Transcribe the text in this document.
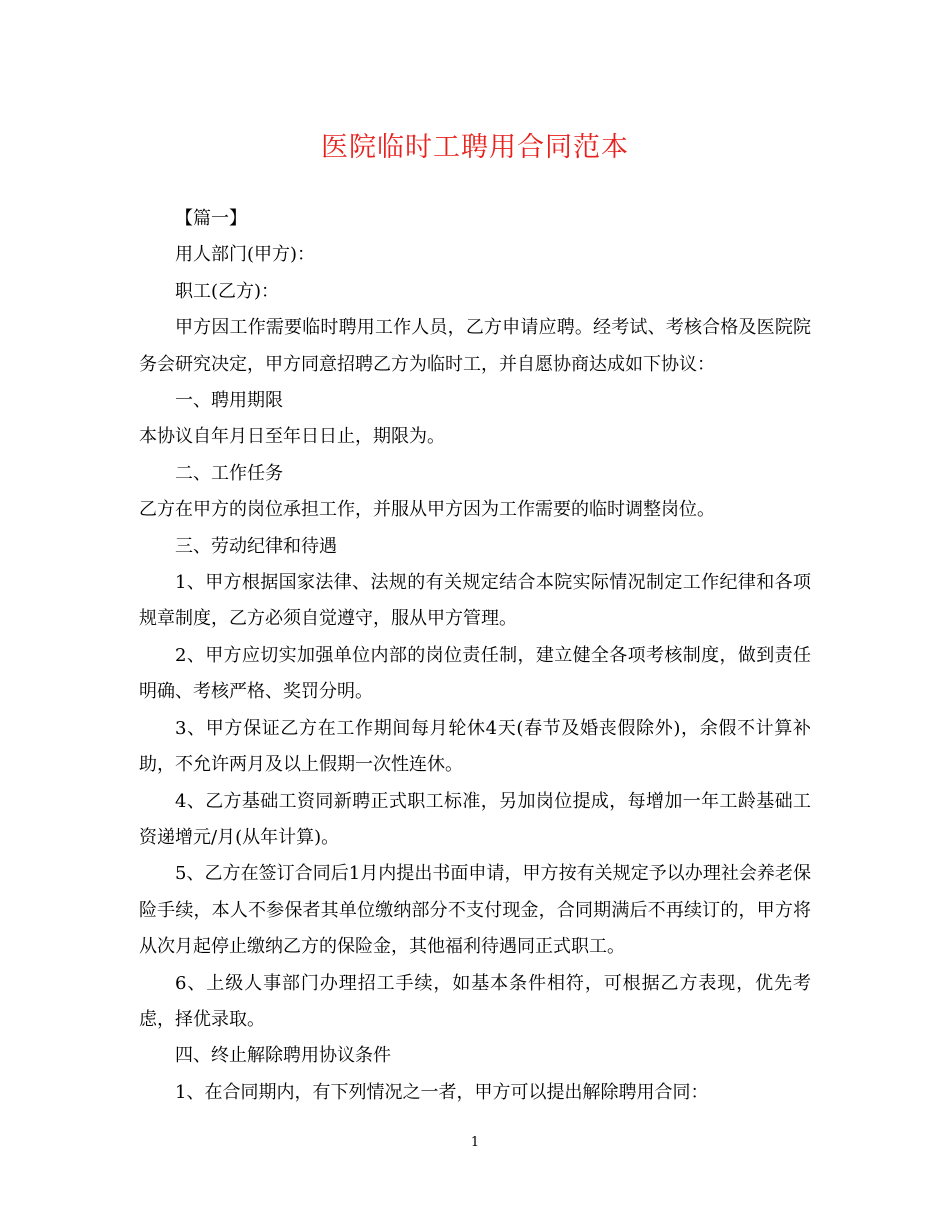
医院临时工聘用合同范本

【篇一】

用人部门(甲方)：

职工(乙方)：

甲方因工作需要临时聘用工作人员，乙方申请应聘。经考试、考核合格及医院院务会研究决定，甲方同意招聘乙方为临时工，并自愿协商达成如下协议：

一、聘用期限

本协议自年月日至年日日止，期限为。

二、工作任务

乙方在甲方的岗位承担工作，并服从甲方因为工作需要的临时调整岗位。

三、劳动纪律和待遇

1、甲方根据国家法律、法规的有关规定结合本院实际情况制定工作纪律和各项规章制度，乙方必须自觉遵守，服从甲方管理。

2、甲方应切实加强单位内部的岗位责任制，建立健全各项考核制度，做到责任明确、考核严格、奖罚分明。

3、甲方保证乙方在工作期间每月轮休4天(春节及婚丧假除外)，余假不计算补助，不允许两月及以上假期一次性连休。

4、乙方基础工资同新聘正式职工标准，另加岗位提成，每增加一年工龄基础工资递增元/月(从年计算)。

5、乙方在签订合同后1月内提出书面申请，甲方按有关规定予以办理社会养老保险手续，本人不参保者其单位缴纳部分不支付现金，合同期满后不再续订的，甲方将从次月起停止缴纳乙方的保险金，其他福利待遇同正式职工。

6、上级人事部门办理招工手续，如基本条件相符，可根据乙方表现，优先考虑，择优录取。

四、终止解除聘用协议条件

1、在合同期内，有下列情况之一者，甲方可以提出解除聘用合同：

1
